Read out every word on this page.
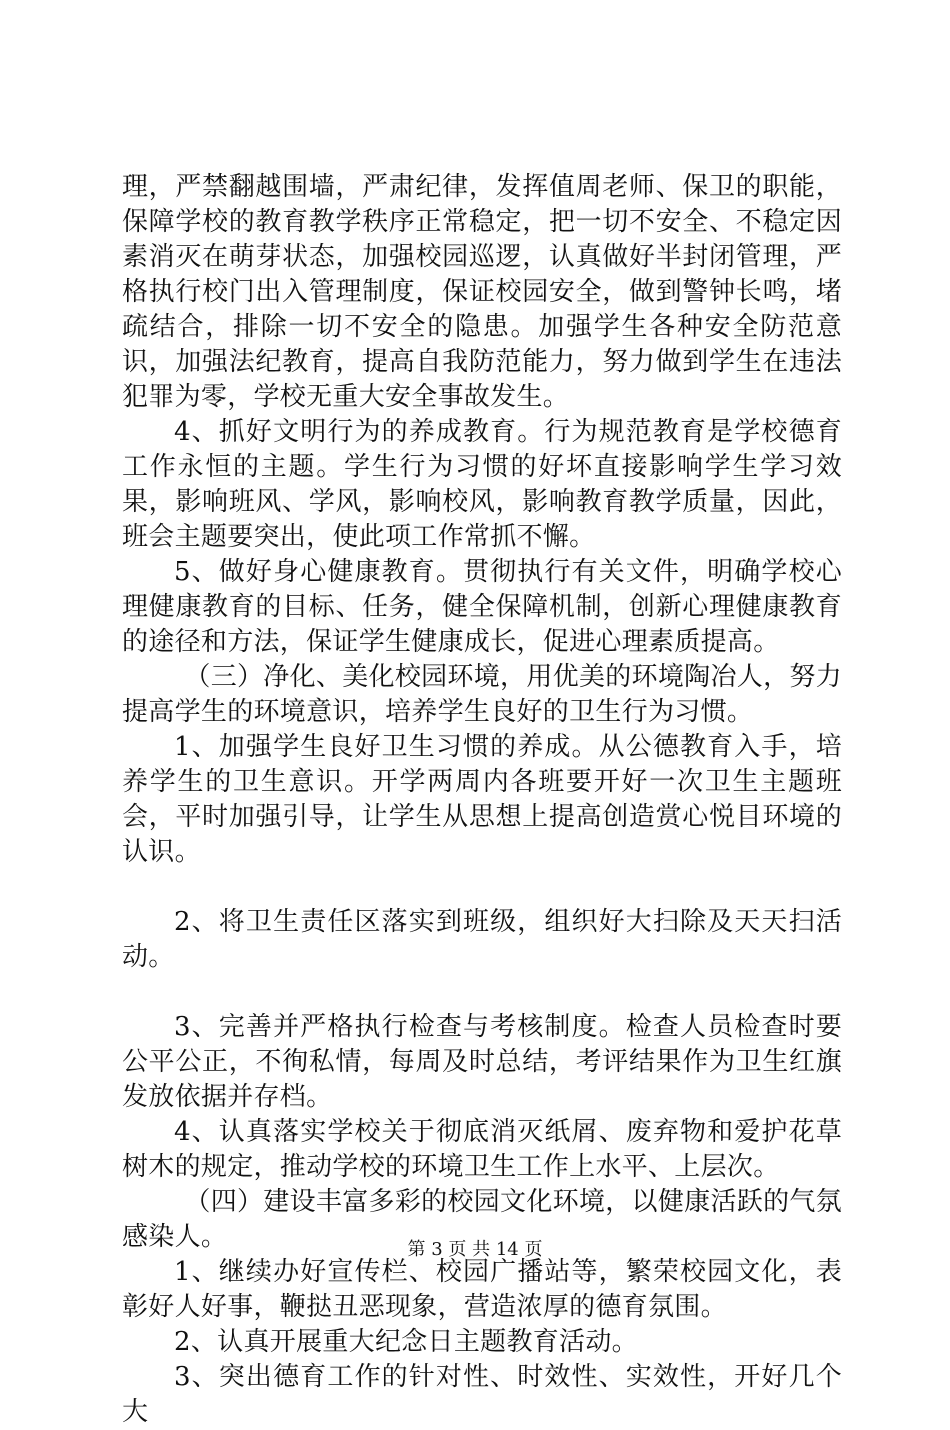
理，严禁翻越围墙，严肃纪律，发挥值周老师、保卫的职能，保障学校的教育教学秩序正常稳定，把一切不安全、不稳定因素消灭在萌芽状态，加强校园巡逻，认真做好半封闭管理，严格执行校门出入管理制度，保证校园安全，做到警钟长鸣，堵疏结合，排除一切不安全的隐患。加强学生各种安全防范意识，加强法纪教育，提高自我防范能力，努力做到学生在违法犯罪为零，学校无重大安全事故发生。

4、抓好文明行为的养成教育。行为规范教育是学校德育工作永恒的主题。学生行为习惯的好坏直接影响学生学习效果，影响班风、学风，影响校风，影响教育教学质量，因此，班会主题要突出，使此项工作常抓不懈。

5、做好身心健康教育。贯彻执行有关文件，明确学校心理健康教育的目标、任务，健全保障机制，创新心理健康教育的途径和方法，保证学生健康成长，促进心理素质提高。

（三）净化、美化校园环境，用优美的环境陶冶人，努力提高学生的环境意识，培养学生良好的卫生行为习惯。

1、加强学生良好卫生习惯的养成。从公德教育入手，培养学生的卫生意识。开学两周内各班要开好一次卫生主题班会，平时加强引导，让学生从思想上提高创造赏心悦目环境的认识。

2、将卫生责任区落实到班级，组织好大扫除及天天扫活动。

3、完善并严格执行检查与考核制度。检查人员检查时要公平公正，不徇私情，每周及时总结，考评结果作为卫生红旗发放依据并存档。

4、认真落实学校关于彻底消灭纸屑、废弃物和爱护花草树木的规定，推动学校的环境卫生工作上水平、上层次。

（四）建设丰富多彩的校园文化环境，以健康活跃的气氛感染人。

1、继续办好宣传栏、校园广播站等，繁荣校园文化，表彰好人好事，鞭挞丑恶现象，营造浓厚的德育氛围。

2、认真开展重大纪念日主题教育活动。

3、突出德育工作的针对性、时效性、实效性，开好几个大

第 3 页 共 14 页
